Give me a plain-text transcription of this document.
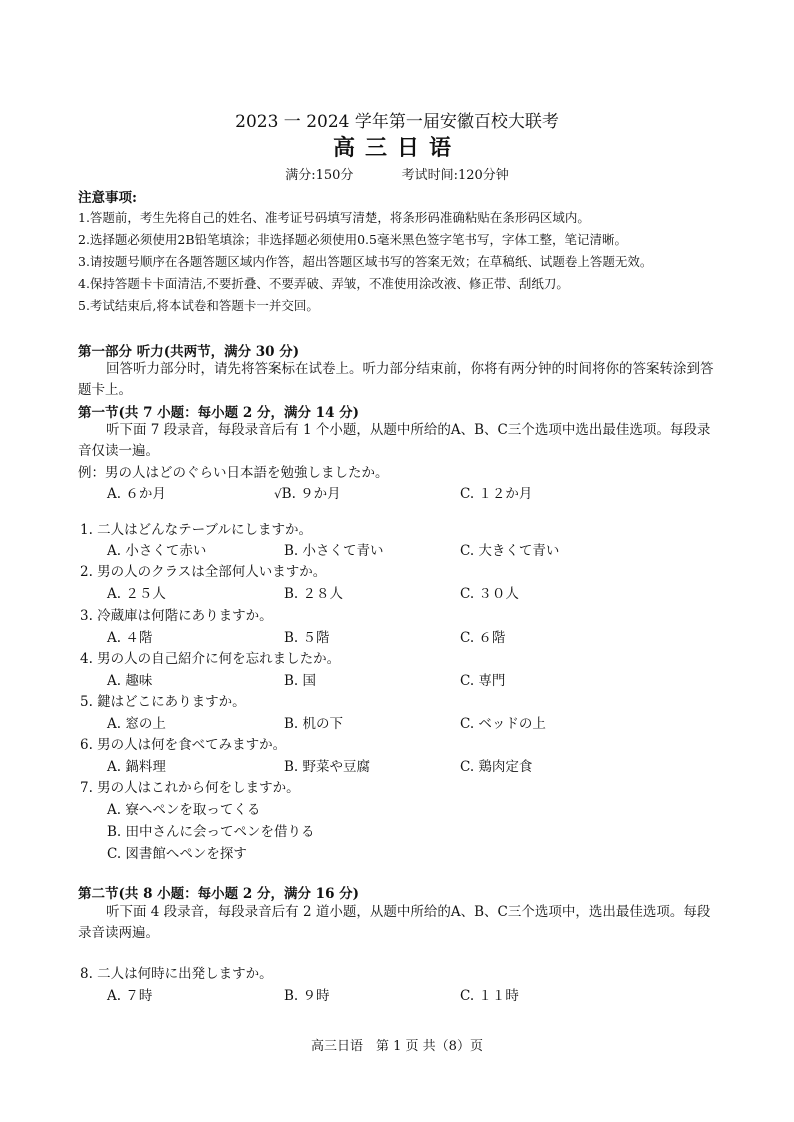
2023 一 2024 学年第一届安徽百校大联考
高三日语
满分:150分	考试时间:120分钟
注意事项:
1.答题前，考生先将自己的姓名、准考证号码填写清楚，将条形码准确粘贴在条形码区域内。
2.选择题必须使用2B铅笔填涂；非选择题必须使用0.5毫米黑色签字笔书写，字体工整，笔记清晰。
3.请按题号顺序在各题答题区域内作答，超出答题区域书写的答案无效；在草稿纸、试题卷上答题无效。
4.保持答题卡卡面清洁,不要折叠、不要弄破、弄皱，不准使用涂改液、修正带、刮纸刀。
5.考试结束后,将本试卷和答题卡一并交回。
第一部分 听力(共两节，满分 30 分)
回答听力部分时，请先将答案标在试卷上。听力部分结束前，你将有两分钟的时间将你的答案转涂到答题卡上。
第一节(共 7 小题：每小题 2 分，满分 14 分)
听下面 7 段录音，每段录音后有 1 个小题，从题中所给的A、B、C三个选项中选出最佳选项。每段录音仅读一遍。
例：男の人はどのぐらい日本語を勉強しましたか。
A. ６か月	√B. ９か月	C. １２か月
1. 二人はどんなテーブルにしますか。
A. 小さくて赤い	B. 小さくて青い	C. 大きくて青い
2. 男の人のクラスは全部何人いますか。
A. ２５人	B. ２８人	C. ３０人
3. 冷蔵庫は何階にありますか。
A. ４階	B. ５階	C. ６階
4. 男の人の自己紹介に何を忘れましたか。
A. 趣味	B. 国	C. 専門
5. 鍵はどこにありますか。
A. 窓の上	B. 机の下	C. ベッドの上
6. 男の人は何を食べてみますか。
A. 鍋料理	B. 野菜や豆腐	C. 鶏肉定食
7. 男の人はこれから何をしますか。
A. 寮へペンを取ってくる
B. 田中さんに会ってペンを借りる
C. 図書館へペンを探す
第二节(共 8 小题：每小题 2 分，满分 16 分)
听下面 4 段录音，每段录音后有 2 道小题，从题中所给的A、B、C三个选项中，选出最佳选项。每段录音读两遍。
8. 二人は何時に出発しますか。
A. ７時	B. ９時	C. １１時
高三日语　第 1 页 共（8）页
